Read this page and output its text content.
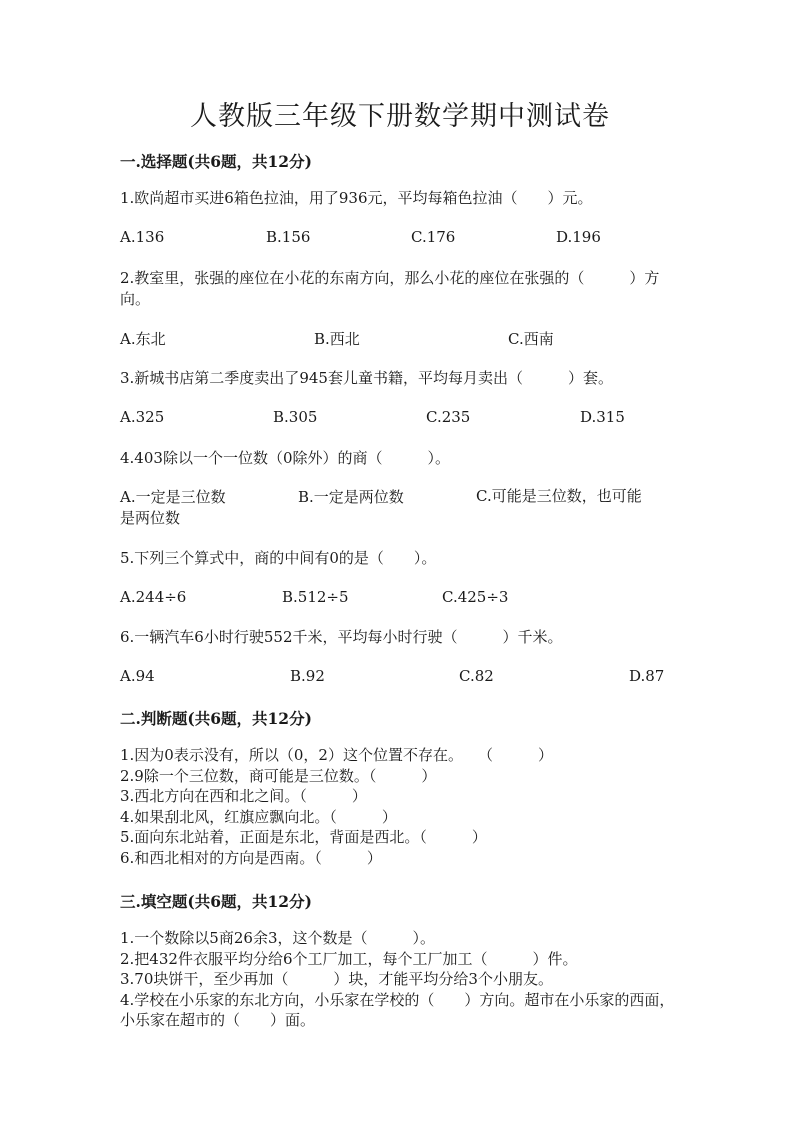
人教版三年级下册数学期中测试卷
一.选择题(共6题，共12分)
1.欧尚超市买进6箱色拉油，用了936元，平均每箱色拉油（　　）元。
A.136	B.156	C.176	D.196
2.教室里，张强的座位在小花的东南方向，那么小花的座位在张强的（　　　）方向。
A.东北	B.西北	C.西南
3.新城书店第二季度卖出了945套儿童书籍，平均每月卖出（　　　）套。
A.325	B.305	C.235	D.315
4.403除以一个一位数（0除外）的商（　　　）。
A.一定是三位数	B.一定是两位数	C.可能是三位数，也可能
是两位数
5.下列三个算式中，商的中间有0的是（　　）。
A.244÷6	B.512÷5	C.425÷3
6.一辆汽车6小时行驶552千米，平均每小时行驶（　　　）千米。
A.94	B.92	C.82	D.87
二.判断题(共6题，共12分)
1.因为0表示没有，所以（0，2）这个位置不存在。　　（　　　）
2.9除一个三位数，商可能是三位数。（　　　）
3.西北方向在西和北之间。（　　　）
4.如果刮北风，红旗应飘向北。（　　　）
5.面向东北站着，正面是东北，背面是西北。（　　　）
6.和西北相对的方向是西南。（　　　）
三.填空题(共6题，共12分)
1.一个数除以5商26余3，这个数是（　　　）。
2.把432件衣服平均分给6个工厂加工，每个工厂加工（　　　）件。
3.70块饼干，至少再加（　　　）块，才能平均分给3个小朋友。
4.学校在小乐家的东北方向，小乐家在学校的（　　）方向。超市在小乐家的西面，小乐家在超市的（　　）面。
